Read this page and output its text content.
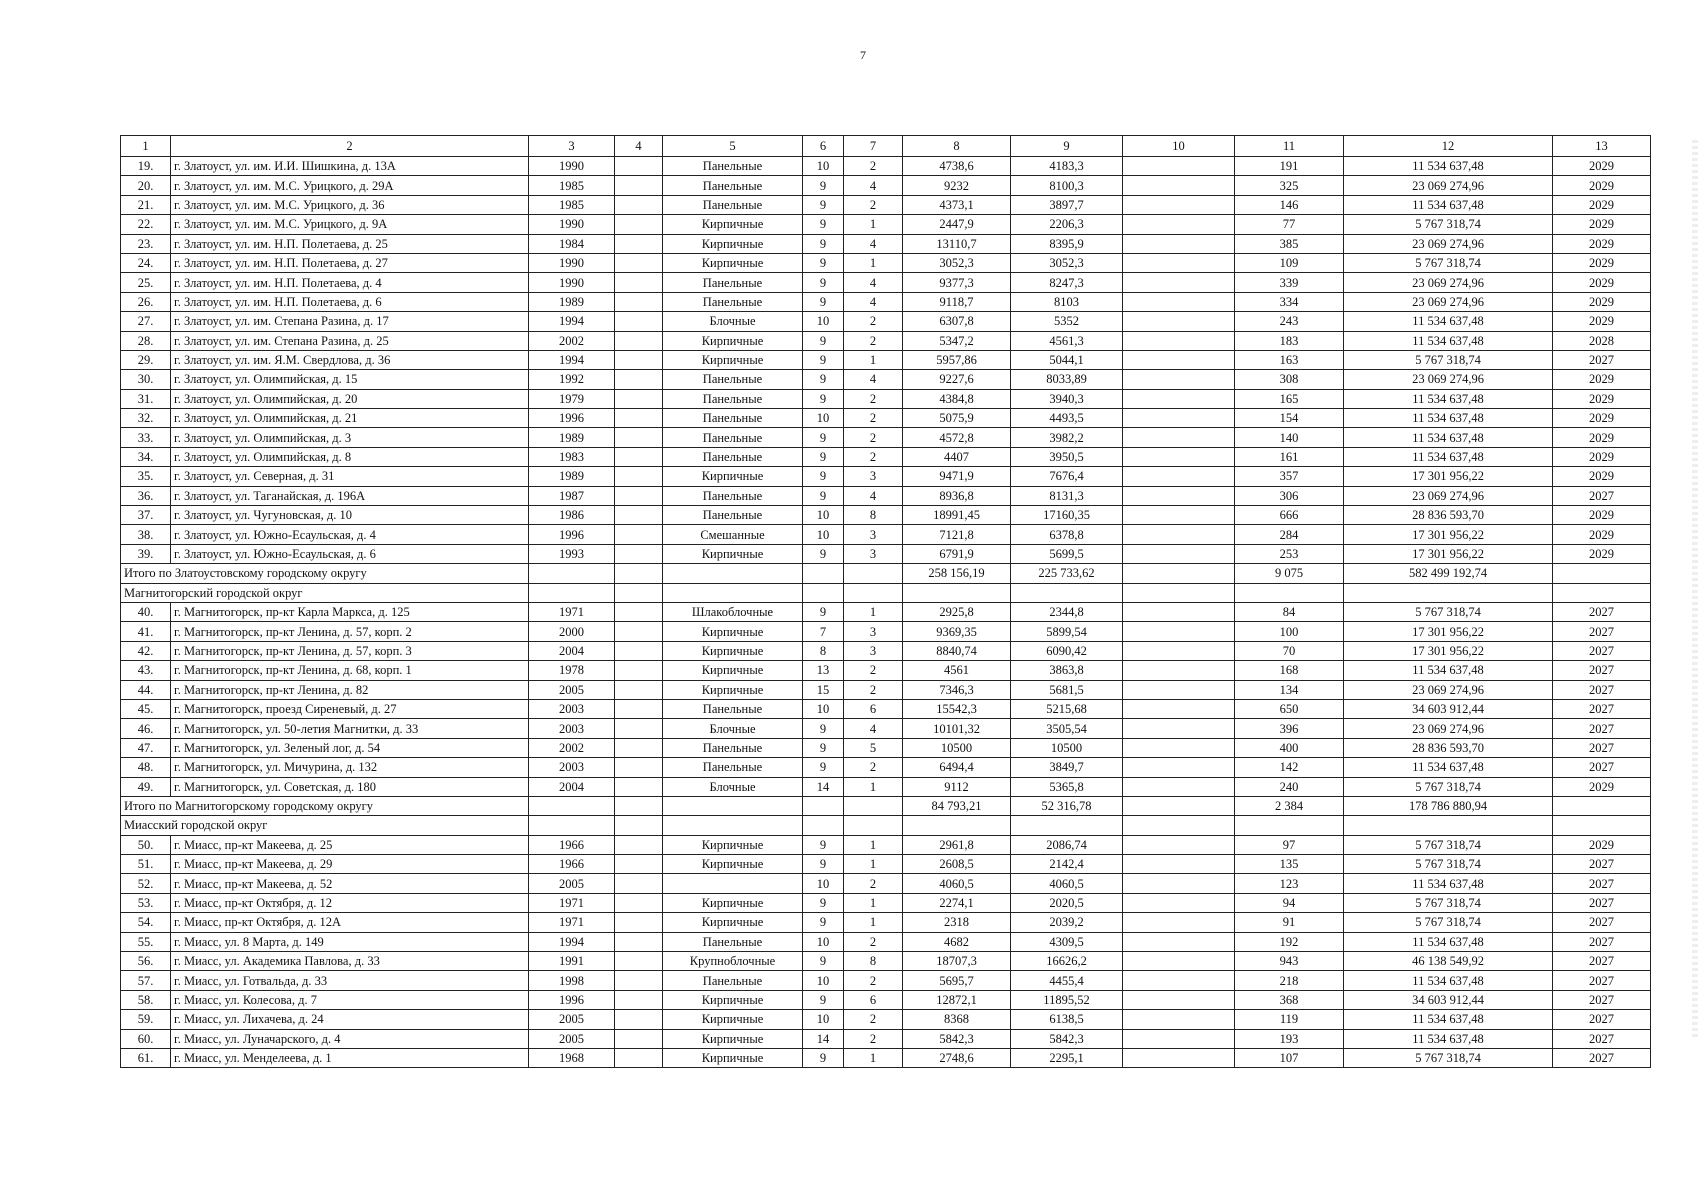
7
1	2	3	4	5	6	7	8	9	10	11	12	13
19.	г. Златоуст, ул. им. И.И. Шишкина, д. 13А	1990		Панельные	10	2	4738,6	4183,3		191	11 534 637,48	2029
20.	г. Златоуст, ул. им. М.С. Урицкого, д. 29А	1985		Панельные	9	4	9232	8100,3		325	23 069 274,96	2029
21.	г. Златоуст, ул. им. М.С. Урицкого, д. 36	1985		Панельные	9	2	4373,1	3897,7		146	11 534 637,48	2029
22.	г. Златоуст, ул. им. М.С. Урицкого, д. 9А	1990		Кирпичные	9	1	2447,9	2206,3		77	5 767 318,74	2029
23.	г. Златоуст, ул. им. Н.П. Полетаева, д. 25	1984		Кирпичные	9	4	13110,7	8395,9		385	23 069 274,96	2029
24.	г. Златоуст, ул. им. Н.П. Полетаева, д. 27	1990		Кирпичные	9	1	3052,3	3052,3		109	5 767 318,74	2029
25.	г. Златоуст, ул. им. Н.П. Полетаева, д. 4	1990		Панельные	9	4	9377,3	8247,3		339	23 069 274,96	2029
26.	г. Златоуст, ул. им. Н.П. Полетаева, д. 6	1989		Панельные	9	4	9118,7	8103		334	23 069 274,96	2029
27.	г. Златоуст, ул. им. Степана Разина, д. 17	1994		Блочные	10	2	6307,8	5352		243	11 534 637,48	2029
28.	г. Златоуст, ул. им. Степана Разина, д. 25	2002		Кирпичные	9	2	5347,2	4561,3		183	11 534 637,48	2028
29.	г. Златоуст, ул. им. Я.М. Свердлова, д. 36	1994		Кирпичные	9	1	5957,86	5044,1		163	5 767 318,74	2027
30.	г. Златоуст, ул. Олимпийская, д. 15	1992		Панельные	9	4	9227,6	8033,89		308	23 069 274,96	2029
31.	г. Златоуст, ул. Олимпийская, д. 20	1979		Панельные	9	2	4384,8	3940,3		165	11 534 637,48	2029
32.	г. Златоуст, ул. Олимпийская, д. 21	1996		Панельные	10	2	5075,9	4493,5		154	11 534 637,48	2029
33.	г. Златоуст, ул. Олимпийская, д. 3	1989		Панельные	9	2	4572,8	3982,2		140	11 534 637,48	2029
34.	г. Златоуст, ул. Олимпийская, д. 8	1983		Панельные	9	2	4407	3950,5		161	11 534 637,48	2029
35.	г. Златоуст, ул. Северная, д. 31	1989		Кирпичные	9	3	9471,9	7676,4		357	17 301 956,22	2029
36.	г. Златоуст, ул. Таганайская, д. 196А	1987		Панельные	9	4	8936,8	8131,3		306	23 069 274,96	2027
37.	г. Златоуст, ул. Чугуновская, д. 10	1986		Панельные	10	8	18991,45	17160,35		666	28 836 593,70	2029
38.	г. Златоуст, ул. Южно-Есаульская, д. 4	1996		Смешанные	10	3	7121,8	6378,8		284	17 301 956,22	2029
39.	г. Златоуст, ул. Южно-Есаульская, д. 6	1993		Кирпичные	9	3	6791,9	5699,5		253	17 301 956,22	2029
Итого по Златоустовскому городскому округу							258 156,19	225 733,62		9 075	582 499 192,74	
Магнитогорский городской округ												
40.	г. Магнитогорск, пр-кт Карла Маркса, д. 125	1971		Шлакоблочные	9	1	2925,8	2344,8		84	5 767 318,74	2027
41.	г. Магнитогорск, пр-кт Ленина, д. 57, корп. 2	2000		Кирпичные	7	3	9369,35	5899,54		100	17 301 956,22	2027
42.	г. Магнитогорск, пр-кт Ленина, д. 57, корп. 3	2004		Кирпичные	8	3	8840,74	6090,42		70	17 301 956,22	2027
43.	г. Магнитогорск, пр-кт Ленина, д. 68, корп. 1	1978		Кирпичные	13	2	4561	3863,8		168	11 534 637,48	2027
44.	г. Магнитогорск, пр-кт Ленина, д. 82	2005		Кирпичные	15	2	7346,3	5681,5		134	23 069 274,96	2027
45.	г. Магнитогорск, проезд Сиреневый, д. 27	2003		Панельные	10	6	15542,3	5215,68		650	34 603 912,44	2027
46.	г. Магнитогорск, ул. 50-летия Магнитки, д. 33	2003		Блочные	9	4	10101,32	3505,54		396	23 069 274,96	2027
47.	г. Магнитогорск, ул. Зеленый лог, д. 54	2002		Панельные	9	5	10500	10500		400	28 836 593,70	2027
48.	г. Магнитогорск, ул. Мичурина, д. 132	2003		Панельные	9	2	6494,4	3849,7		142	11 534 637,48	2027
49.	г. Магнитогорск, ул. Советская, д. 180	2004		Блочные	14	1	9112	5365,8		240	5 767 318,74	2029
Итого по Магнитогорскому городскому округу							84 793,21	52 316,78		2 384	178 786 880,94	
Миасский городской округ												
50.	г. Миасс, пр-кт Макеева, д. 25	1966		Кирпичные	9	1	2961,8	2086,74		97	5 767 318,74	2029
51.	г. Миасс, пр-кт Макеева, д. 29	1966		Кирпичные	9	1	2608,5	2142,4		135	5 767 318,74	2027
52.	г. Миасс, пр-кт Макеева, д. 52	2005			10	2	4060,5	4060,5		123	11 534 637,48	2027
53.	г. Миасс, пр-кт Октября, д. 12	1971		Кирпичные	9	1	2274,1	2020,5		94	5 767 318,74	2027
54.	г. Миасс, пр-кт Октября, д. 12А	1971		Кирпичные	9	1	2318	2039,2		91	5 767 318,74	2027
55.	г. Миасс, ул. 8 Марта, д. 149	1994		Панельные	10	2	4682	4309,5		192	11 534 637,48	2027
56.	г. Миасс, ул. Академика Павлова, д. 33	1991		Крупноблочные	9	8	18707,3	16626,2		943	46 138 549,92	2027
57.	г. Миасс, ул. Готвальда, д. 33	1998		Панельные	10	2	5695,7	4455,4		218	11 534 637,48	2027
58.	г. Миасс, ул. Колесова, д. 7	1996		Кирпичные	9	6	12872,1	11895,52		368	34 603 912,44	2027
59.	г. Миасс, ул. Лихачева, д. 24	2005		Кирпичные	10	2	8368	6138,5		119	11 534 637,48	2027
60.	г. Миасс, ул. Луначарского, д. 4	2005		Кирпичные	14	2	5842,3	5842,3		193	11 534 637,48	2027
61.	г. Миасс, ул. Менделеева, д. 1	1968		Кирпичные	9	1	2748,6	2295,1		107	5 767 318,74	2027
